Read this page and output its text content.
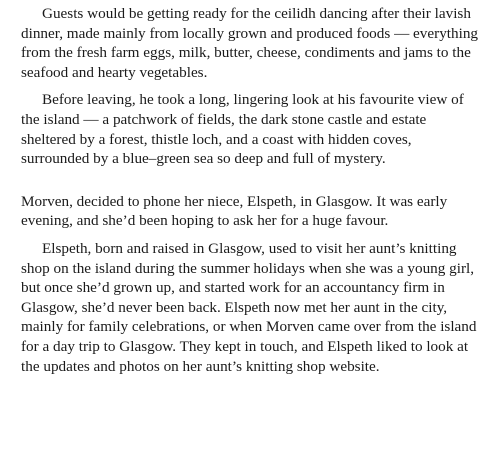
Guests would be getting ready for the ceilidh dancing after their lavish dinner, made mainly from locally grown and produced foods — everything from the fresh farm eggs, milk, butter, cheese, condiments and jams to the seafood and hearty vegetables.

Before leaving, he took a long, lingering look at his favourite view of the island — a patchwork of fields, the dark stone castle and estate sheltered by a forest, thistle loch, and a coast with hidden coves, surrounded by a blue–green sea so deep and full of mystery.

Morven, decided to phone her niece, Elspeth, in Glasgow. It was early evening, and she’d been hoping to ask her for a huge favour.

Elspeth, born and raised in Glasgow, used to visit her aunt’s knitting shop on the island during the summer holidays when she was a young girl, but once she’d grown up, and started work for an accountancy firm in Glasgow, she’d never been back. Elspeth now met her aunt in the city, mainly for family celebrations, or when Morven came over from the island for a day trip to Glasgow. They kept in touch, and Elspeth liked to look at the updates and photos on her aunt’s knitting shop website.
